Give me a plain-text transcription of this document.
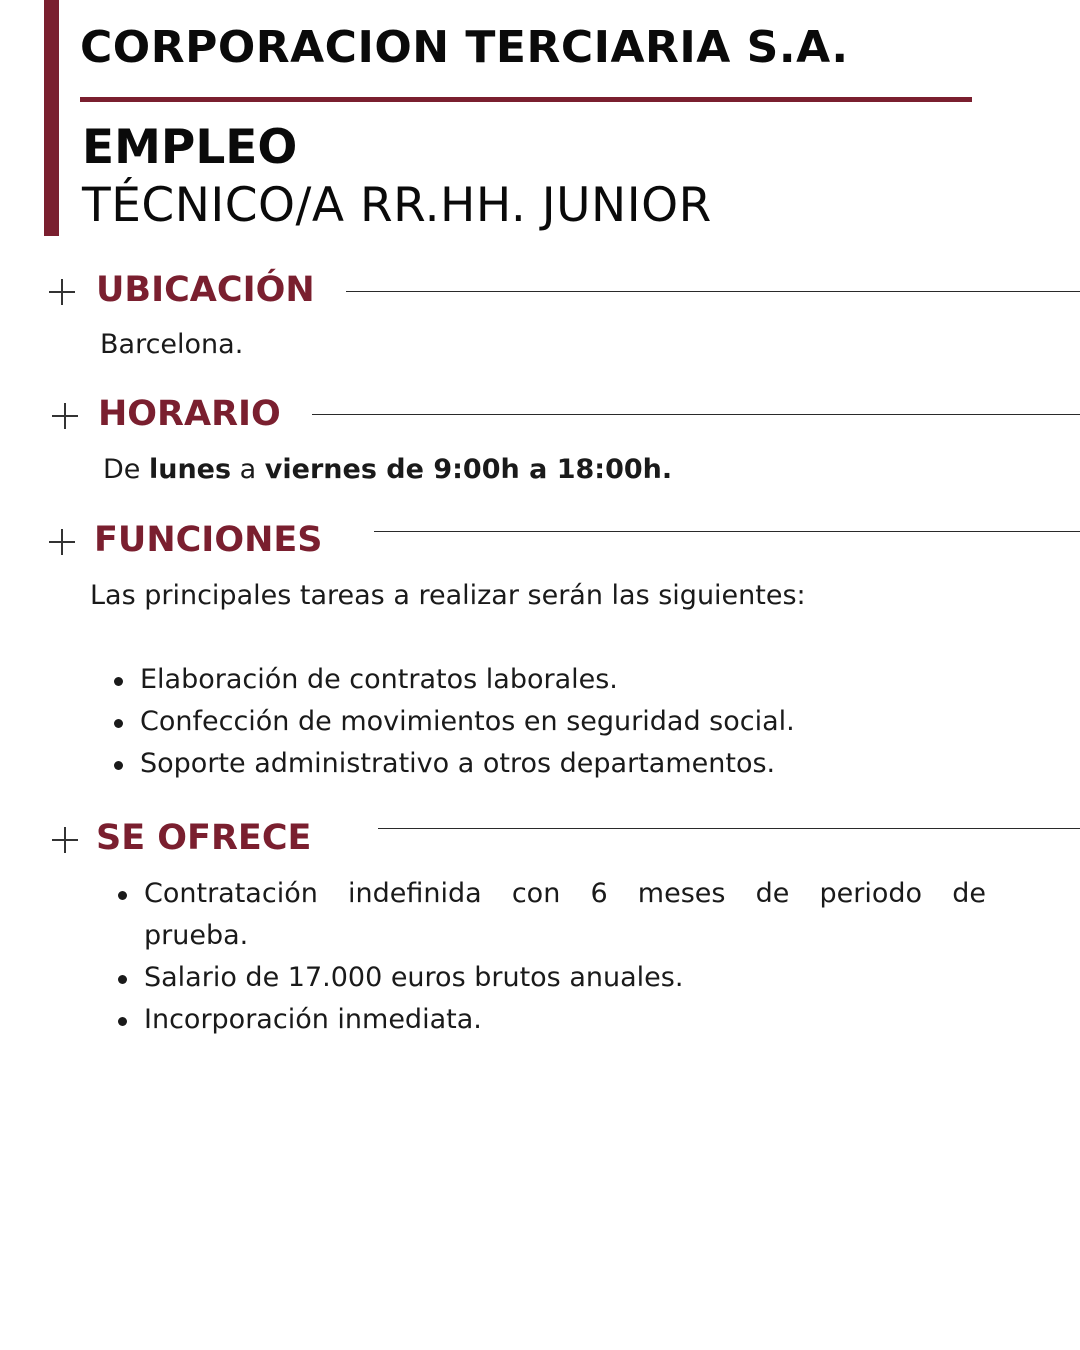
CORPORACION TERCIARIA S.A.
EMPLEO
TÉCNICO/A RR.HH. JUNIOR
UBICACIÓN

Barcelona.

HORARIO

De lunes a viernes de 9:00h a 18:00h.

FUNCIONES

Las principales tareas a realizar serán las siguientes:

Elaboración de contratos laborales.
Confección de movimientos en seguridad social.
Soporte administrativo a otros departamentos.
SE OFRECE
Contratación indefinida con 6 meses de periodo de prueba.
Salario de 17.000 euros brutos anuales.
Incorporación inmediata.
